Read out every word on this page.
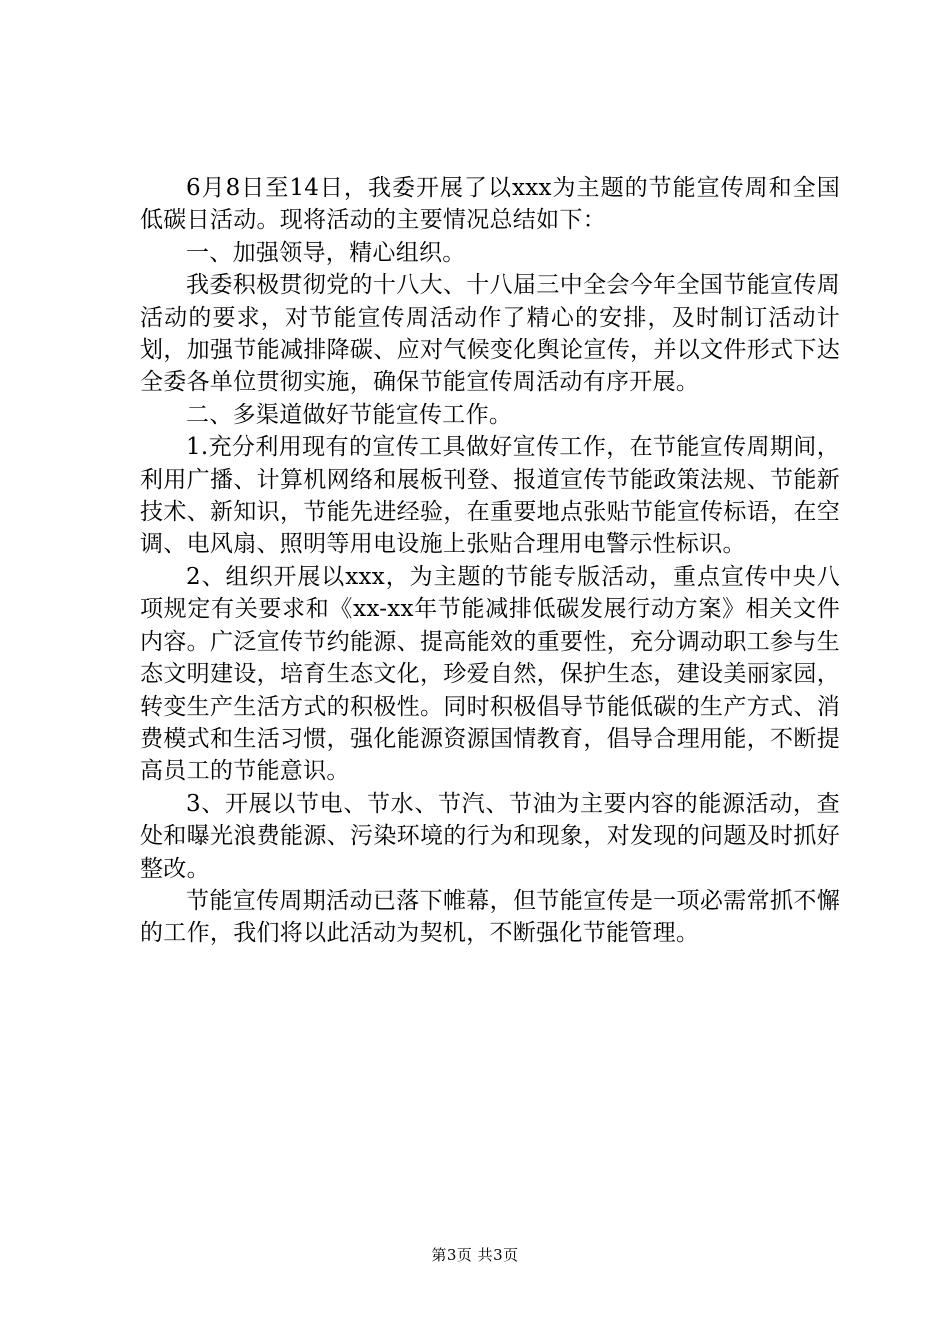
6月8日至14日，我委开展了以xxx为主题的节能宣传周和全国低碳日活动。现将活动的主要情况总结如下：

一、加强领导，精心组织。

我委积极贯彻党的十八大、十八届三中全会今年全国节能宣传周活动的要求，对节能宣传周活动作了精心的安排，及时制订活动计划，加强节能减排降碳、应对气候变化舆论宣传，并以文件形式下达全委各单位贯彻实施，确保节能宣传周活动有序开展。

二、多渠道做好节能宣传工作。

1.充分利用现有的宣传工具做好宣传工作，在节能宣传周期间，利用广播、计算机网络和展板刊登、报道宣传节能政策法规、节能新技术、新知识，节能先进经验，在重要地点张贴节能宣传标语，在空调、电风扇、照明等用电设施上张贴合理用电警示性标识。

2、组织开展以xxx，为主题的节能专版活动，重点宣传中央八项规定有关要求和《xx-xx年节能减排低碳发展行动方案》相关文件内容。广泛宣传节约能源、提高能效的重要性，充分调动职工参与生态文明建设，培育生态文化，珍爱自然，保护生态，建设美丽家园，转变生产生活方式的积极性。同时积极倡导节能低碳的生产方式、消费模式和生活习惯，强化能源资源国情教育，倡导合理用能，不断提高员工的节能意识。

3、开展以节电、节水、节汽、节油为主要内容的能源活动，查处和曝光浪费能源、污染环境的行为和现象，对发现的问题及时抓好整改。

节能宣传周期活动已落下帷幕，但节能宣传是一项必需常抓不懈的工作，我们将以此活动为契机，不断强化节能管理。

第3页 共3页
